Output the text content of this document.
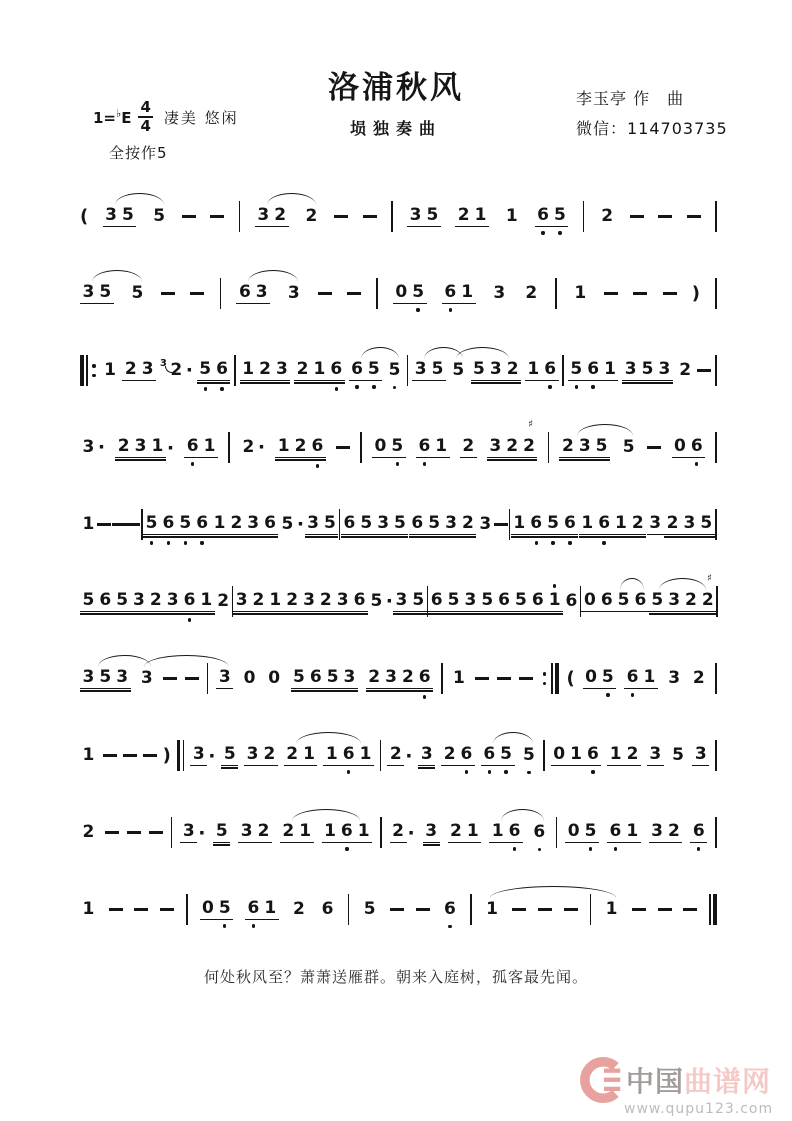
洛浦秋风
埙独奏曲
李玉亭 作　曲
微信：114703735
$1=^♭E \frac{4}{4}$ 凄美 悠闲
全按作5
( 3 5 5	3 2 2	3 5 2 1 1 6 5 2
3 5 5	6 3 3	0 5 6 1 3 2 1	)
1 2 3 3 2 · 5 6 1 2 3 2 1 6 6 5 5 3 5 5 5 3 2 1 6 5 6 1 3 5 3 2
3 · 2 3 1 · 6 1 2 · 1 2 6	0 5 6 1 2 3 2 2
♯
2 3 5 5 0 6
1	5 6 5 6 1 2 3 6 5 · 3 5 6 5 3 5 6 5 3 2 3 1 6 5 6 1 6 1 2 3 2 3 5
5 6 5 3 2 3 6 1 2 3 2 1 2 3 2 3 6 5 · 3 5 6 5 3 5 6 5 6 1 6 0 6 5 6 5 3 2 2
♯
3 5 3 3	3 0 0 5 6 5 3 2 3 2 6 1	( 0 5 6 1 3 2
1	) 3 · 5 3 2 2 1 1 6 1 2 · 3 2 6 6 5 5 0 1 6 1 2 3 5 3
2	3 · 5 3 2 2 1 1 6 1 2 · 3 2 1 1 6 6 0 5 6 1 3 2 6
1	0 5 6 1 2 6 5	6 1	1
何处秋风至？萧萧送雁群。朝来入庭树，孤客最先闻。
中国曲谱网
www.qupu123.com
